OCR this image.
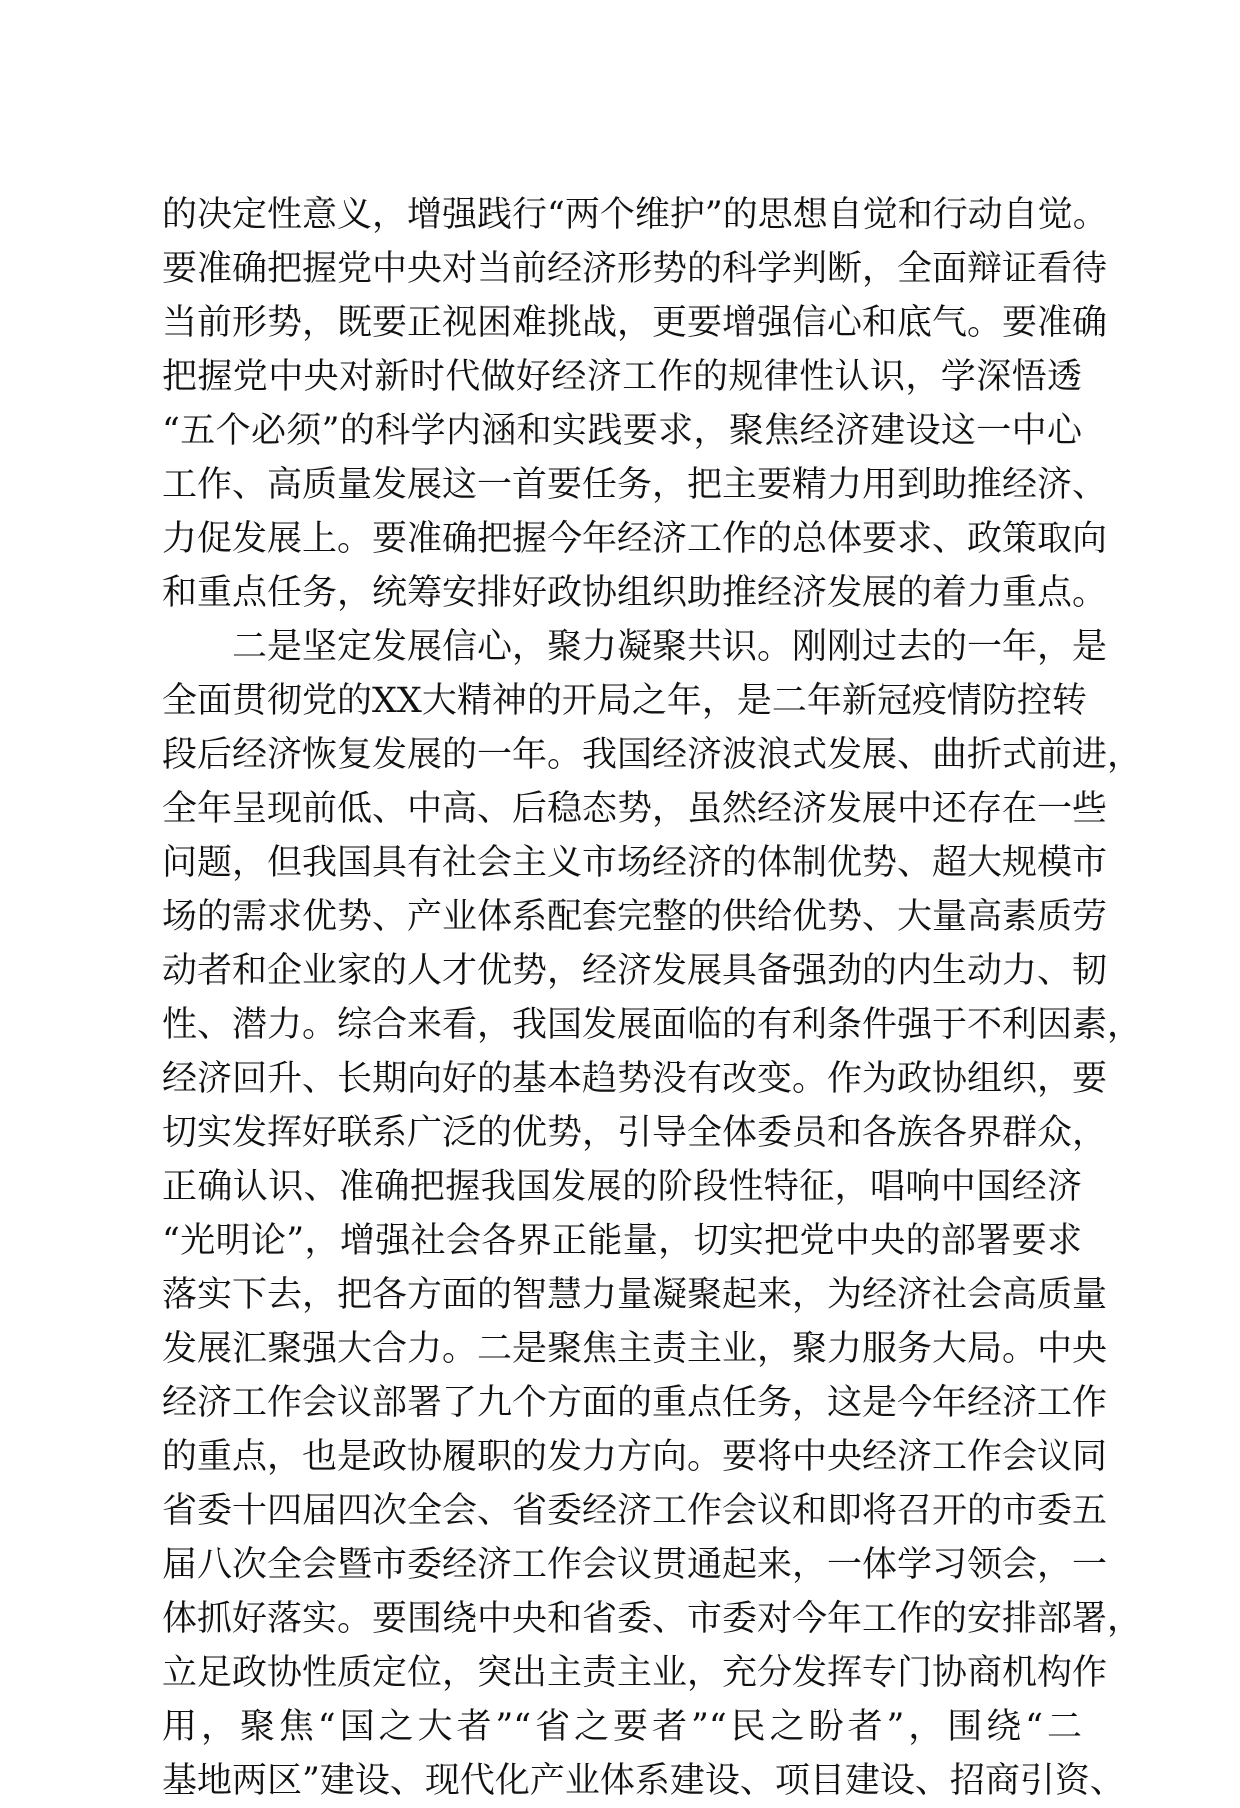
的决定性意义，增强践行“两个维护”的思想自觉和行动自觉。
要准确把握党中央对当前经济形势的科学判断，全面辩证看待
当前形势，既要正视困难挑战，更要增强信心和底气。要准确
把握党中央对新时代做好经济工作的规律性认识，学深悟透
“五个必须”的科学内涵和实践要求，聚焦经济建设这一中心
工作、高质量发展这一首要任务，把主要精力用到助推经济、
力促发展上。要准确把握今年经济工作的总体要求、政策取向
和重点任务，统筹安排好政协组织助推经济发展的着力重点。
二是坚定发展信心，聚力凝聚共识。刚刚过去的一年，是
全面贯彻党的XX大精神的开局之年，是二年新冠疫情防控转
段后经济恢复发展的一年。我国经济波浪式发展、曲折式前进，
全年呈现前低、中高、后稳态势，虽然经济发展中还存在一些
问题，但我国具有社会主义市场经济的体制优势、超大规模市
场的需求优势、产业体系配套完整的供给优势、大量高素质劳
动者和企业家的人才优势，经济发展具备强劲的内生动力、韧
性、潜力。综合来看，我国发展面临的有利条件强于不利因素，
经济回升、长期向好的基本趋势没有改变。作为政协组织，要
切实发挥好联系广泛的优势，引导全体委员和各族各界群众，
正确认识、准确把握我国发展的阶段性特征，唱响中国经济
“光明论”，增强社会各界正能量，切实把党中央的部署要求
落实下去，把各方面的智慧力量凝聚起来，为经济社会高质量
发展汇聚强大合力。二是聚焦主责主业，聚力服务大局。中央
经济工作会议部署了九个方面的重点任务，这是今年经济工作
的重点，也是政协履职的发力方向。要将中央经济工作会议同
省委十四届四次全会、省委经济工作会议和即将召开的市委五
届八次全会暨市委经济工作会议贯通起来，一体学习领会，一
体抓好落实。要围绕中央和省委、市委对今年工作的安排部署，
立足政协性质定位，突出主责主业，充分发挥专门协商机构作
用，聚焦“国之大者”“省之要者”“民之盼者”，围绕“二
基地两区”建设、现代化产业体系建设、项目建设、招商引资、
